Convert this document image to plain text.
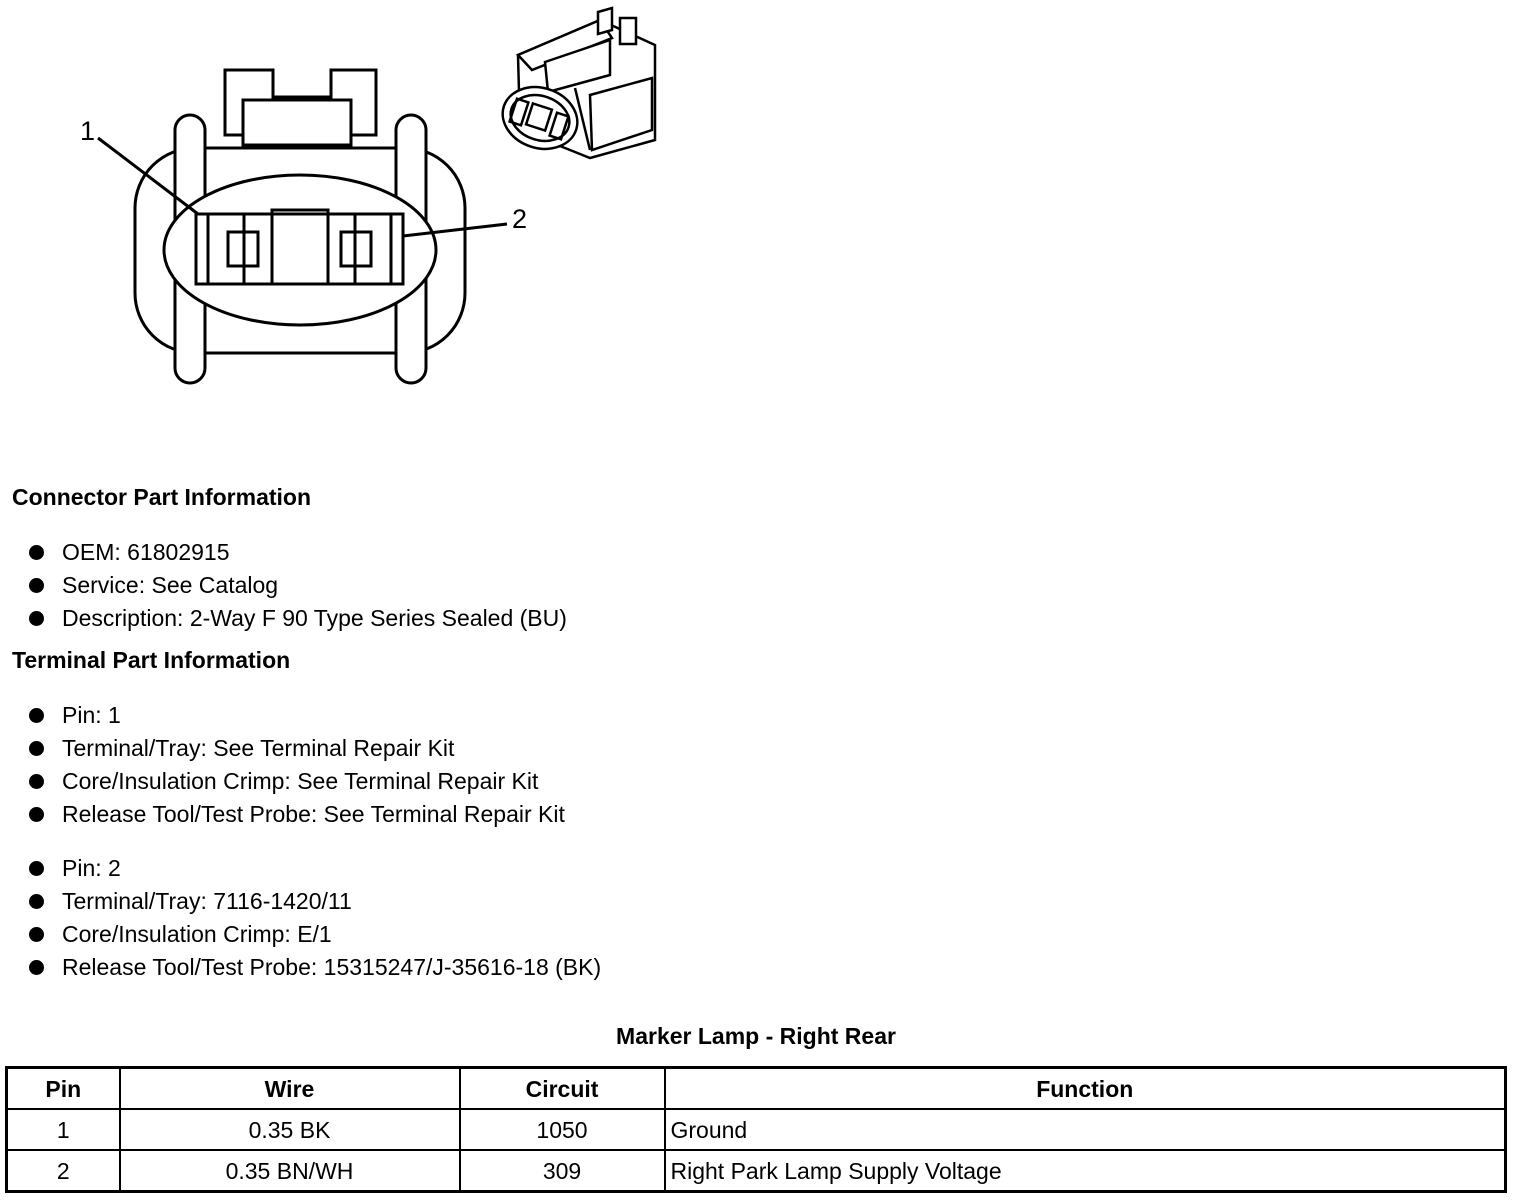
1
2
Connector Part Information
OEM: 61802915
Service: See Catalog
Description: 2-Way F 90 Type Series Sealed (BU)
Terminal Part Information
Pin: 1
Terminal/Tray: See Terminal Repair Kit
Core/Insulation Crimp: See Terminal Repair Kit
Release Tool/Test Probe: See Terminal Repair Kit
Pin: 2
Terminal/Tray: 7116-1420/11
Core/Insulation Crimp: E/1
Release Tool/Test Probe: 15315247/J-35616-18 (BK)
Marker Lamp - Right Rear
Pin	Wire	Circuit	Function
1	0.35 BK	1050	Ground
2	0.35 BN/WH	309	Right Park Lamp Supply Voltage
